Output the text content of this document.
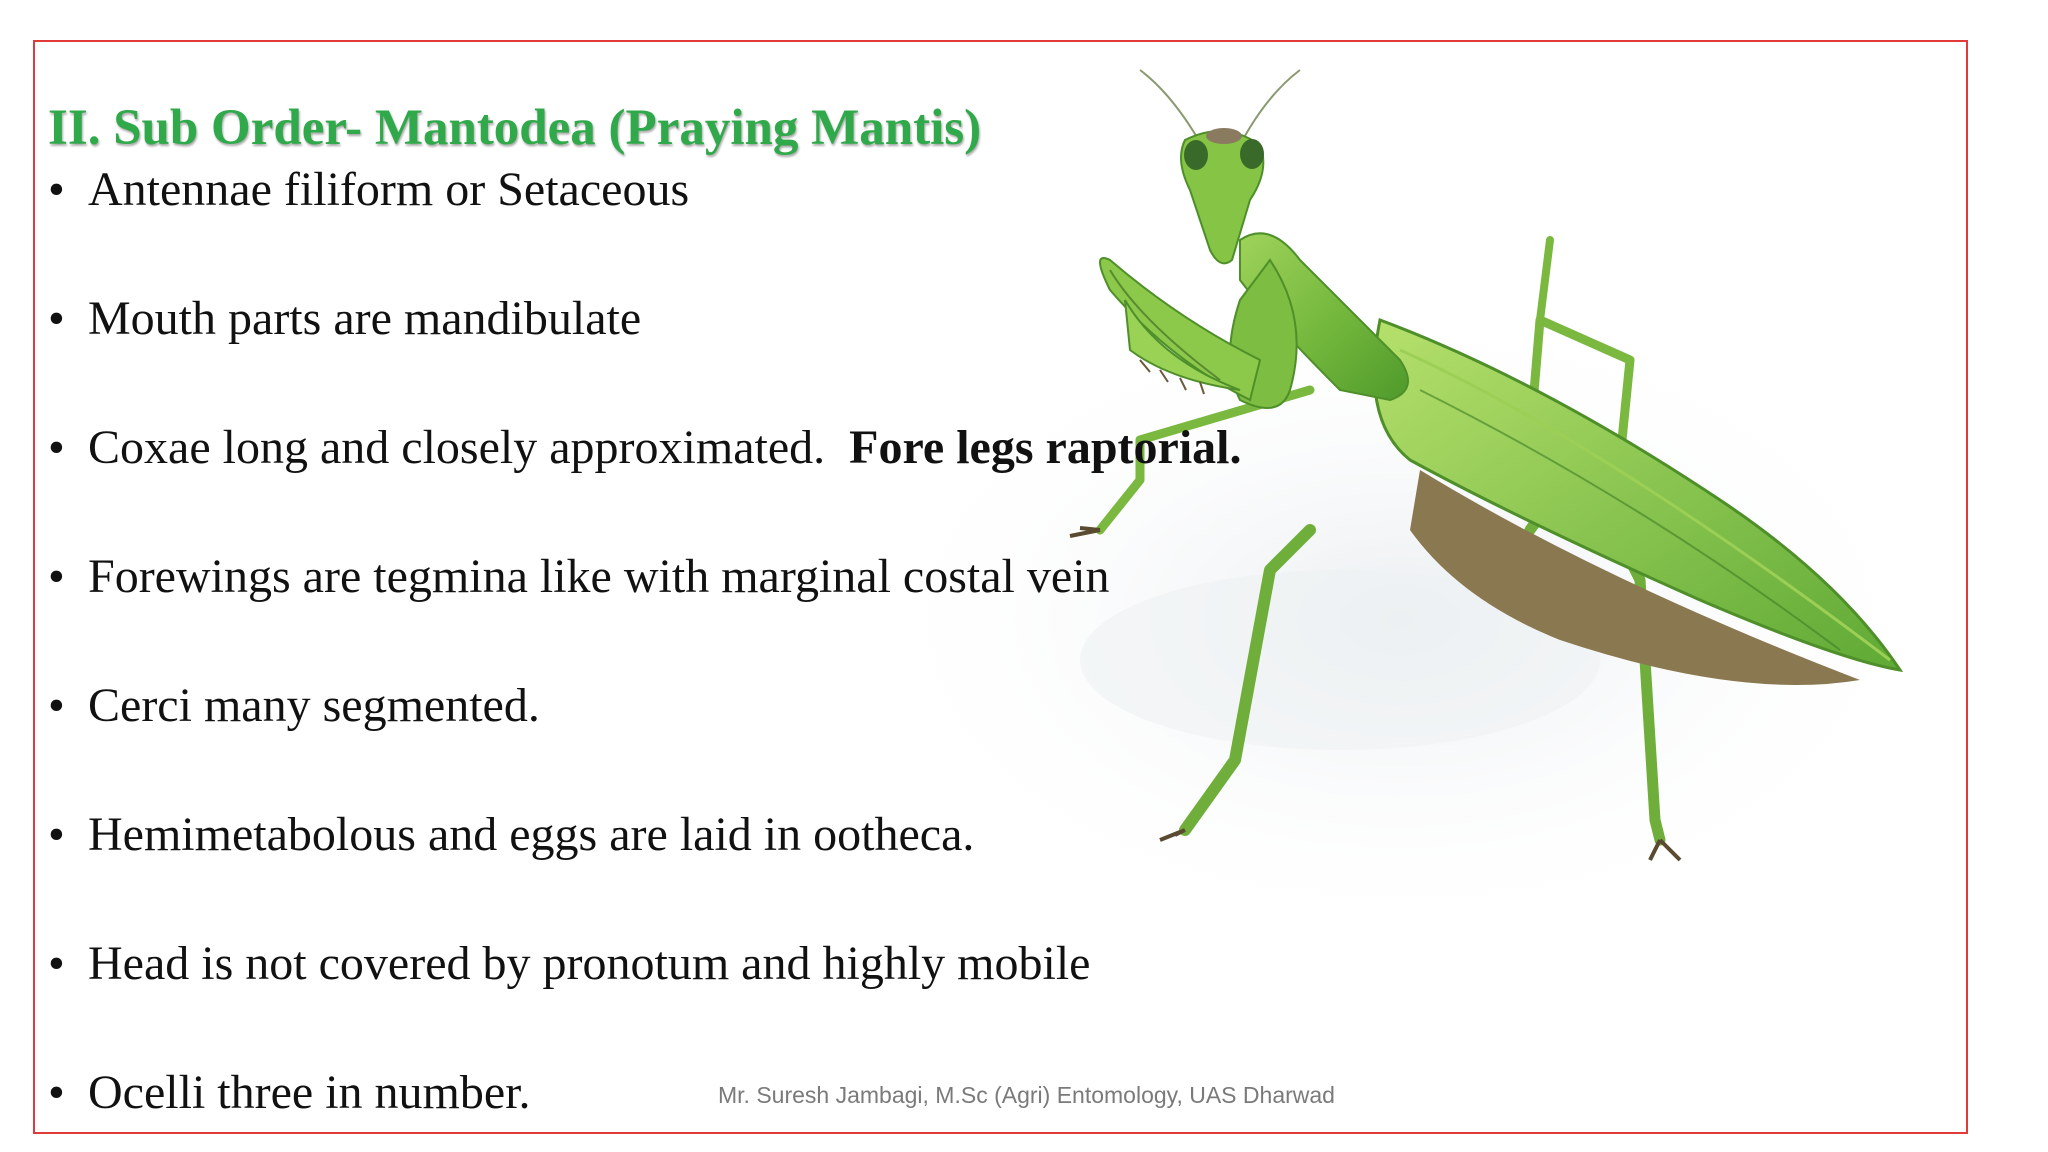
II. Sub Order- Mantodea (Praying Mantis)
• Antennae filiform or Setaceous
• Mouth parts are mandibulate
• Coxae long and closely approximated.  Fore legs raptorial.
• Forewings are tegmina like with marginal costal vein
• Cerci many segmented.
• Hemimetabolous and eggs are laid in ootheca.
• Head is not covered by pronotum and highly mobile
• Ocelli three in number.	Mr. Suresh Jambagi, M.Sc (Agri) Entomology, UAS Dharwad
